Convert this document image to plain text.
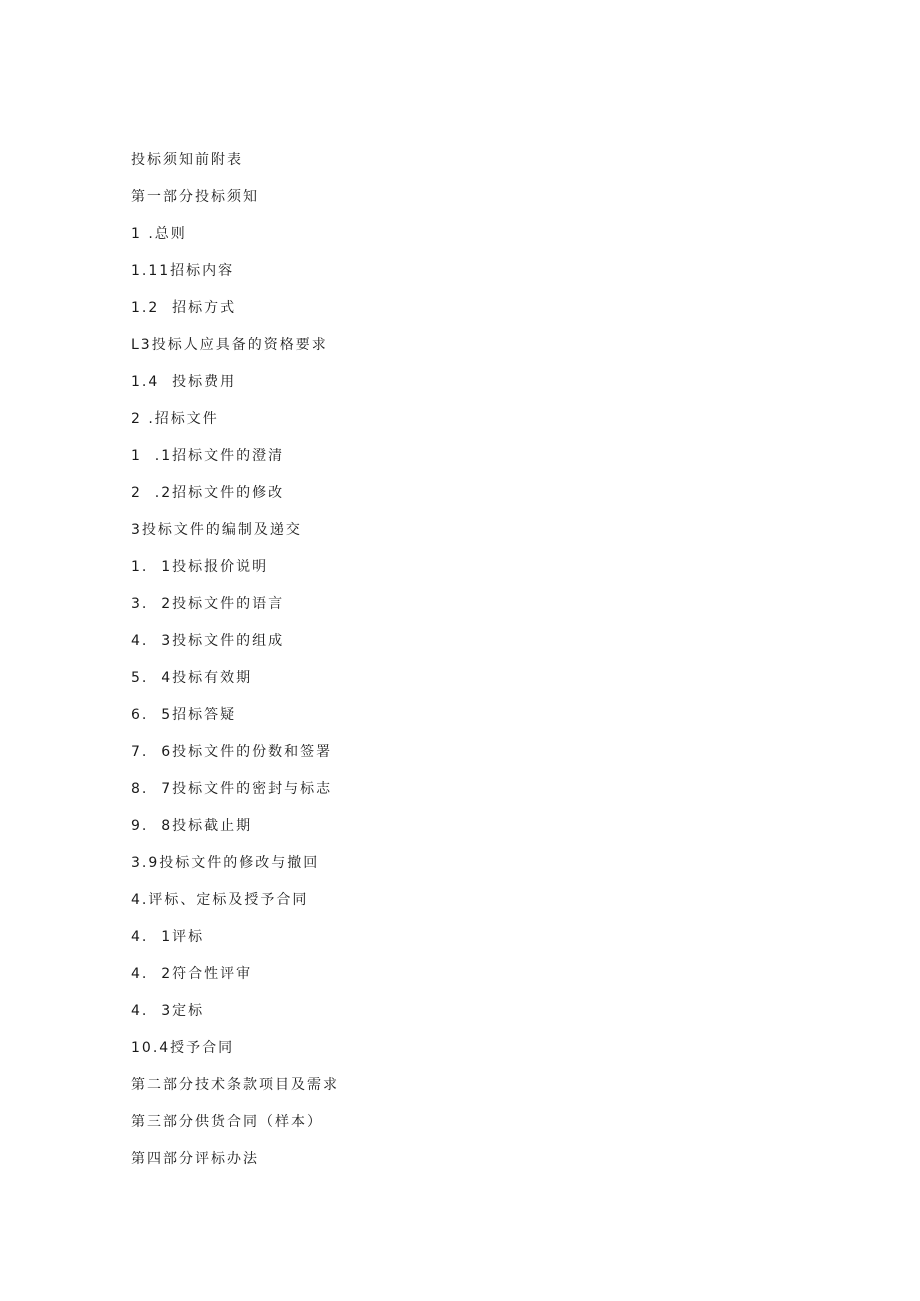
投标须知前附表
第一部分投标须知
1 .总则
1.11招标内容
1.2  招标方式
L3投标人应具备的资格要求
1.4  投标费用
2 .招标文件
1  .1招标文件的澄清
2  .2招标文件的修改
3投标文件的编制及递交
1.  1投标报价说明
3.  2投标文件的语言
4.  3投标文件的组成
5.  4投标有效期
6.  5招标答疑
7.  6投标文件的份数和签署
8.  7投标文件的密封与标志
9.  8投标截止期
3.9投标文件的修改与撤回
4.评标、定标及授予合同
4.  1评标
4.  2符合性评审
4.  3定标
10.4授予合同
第二部分技术条款项目及需求
第三部分供货合同（样本）
第四部分评标办法
